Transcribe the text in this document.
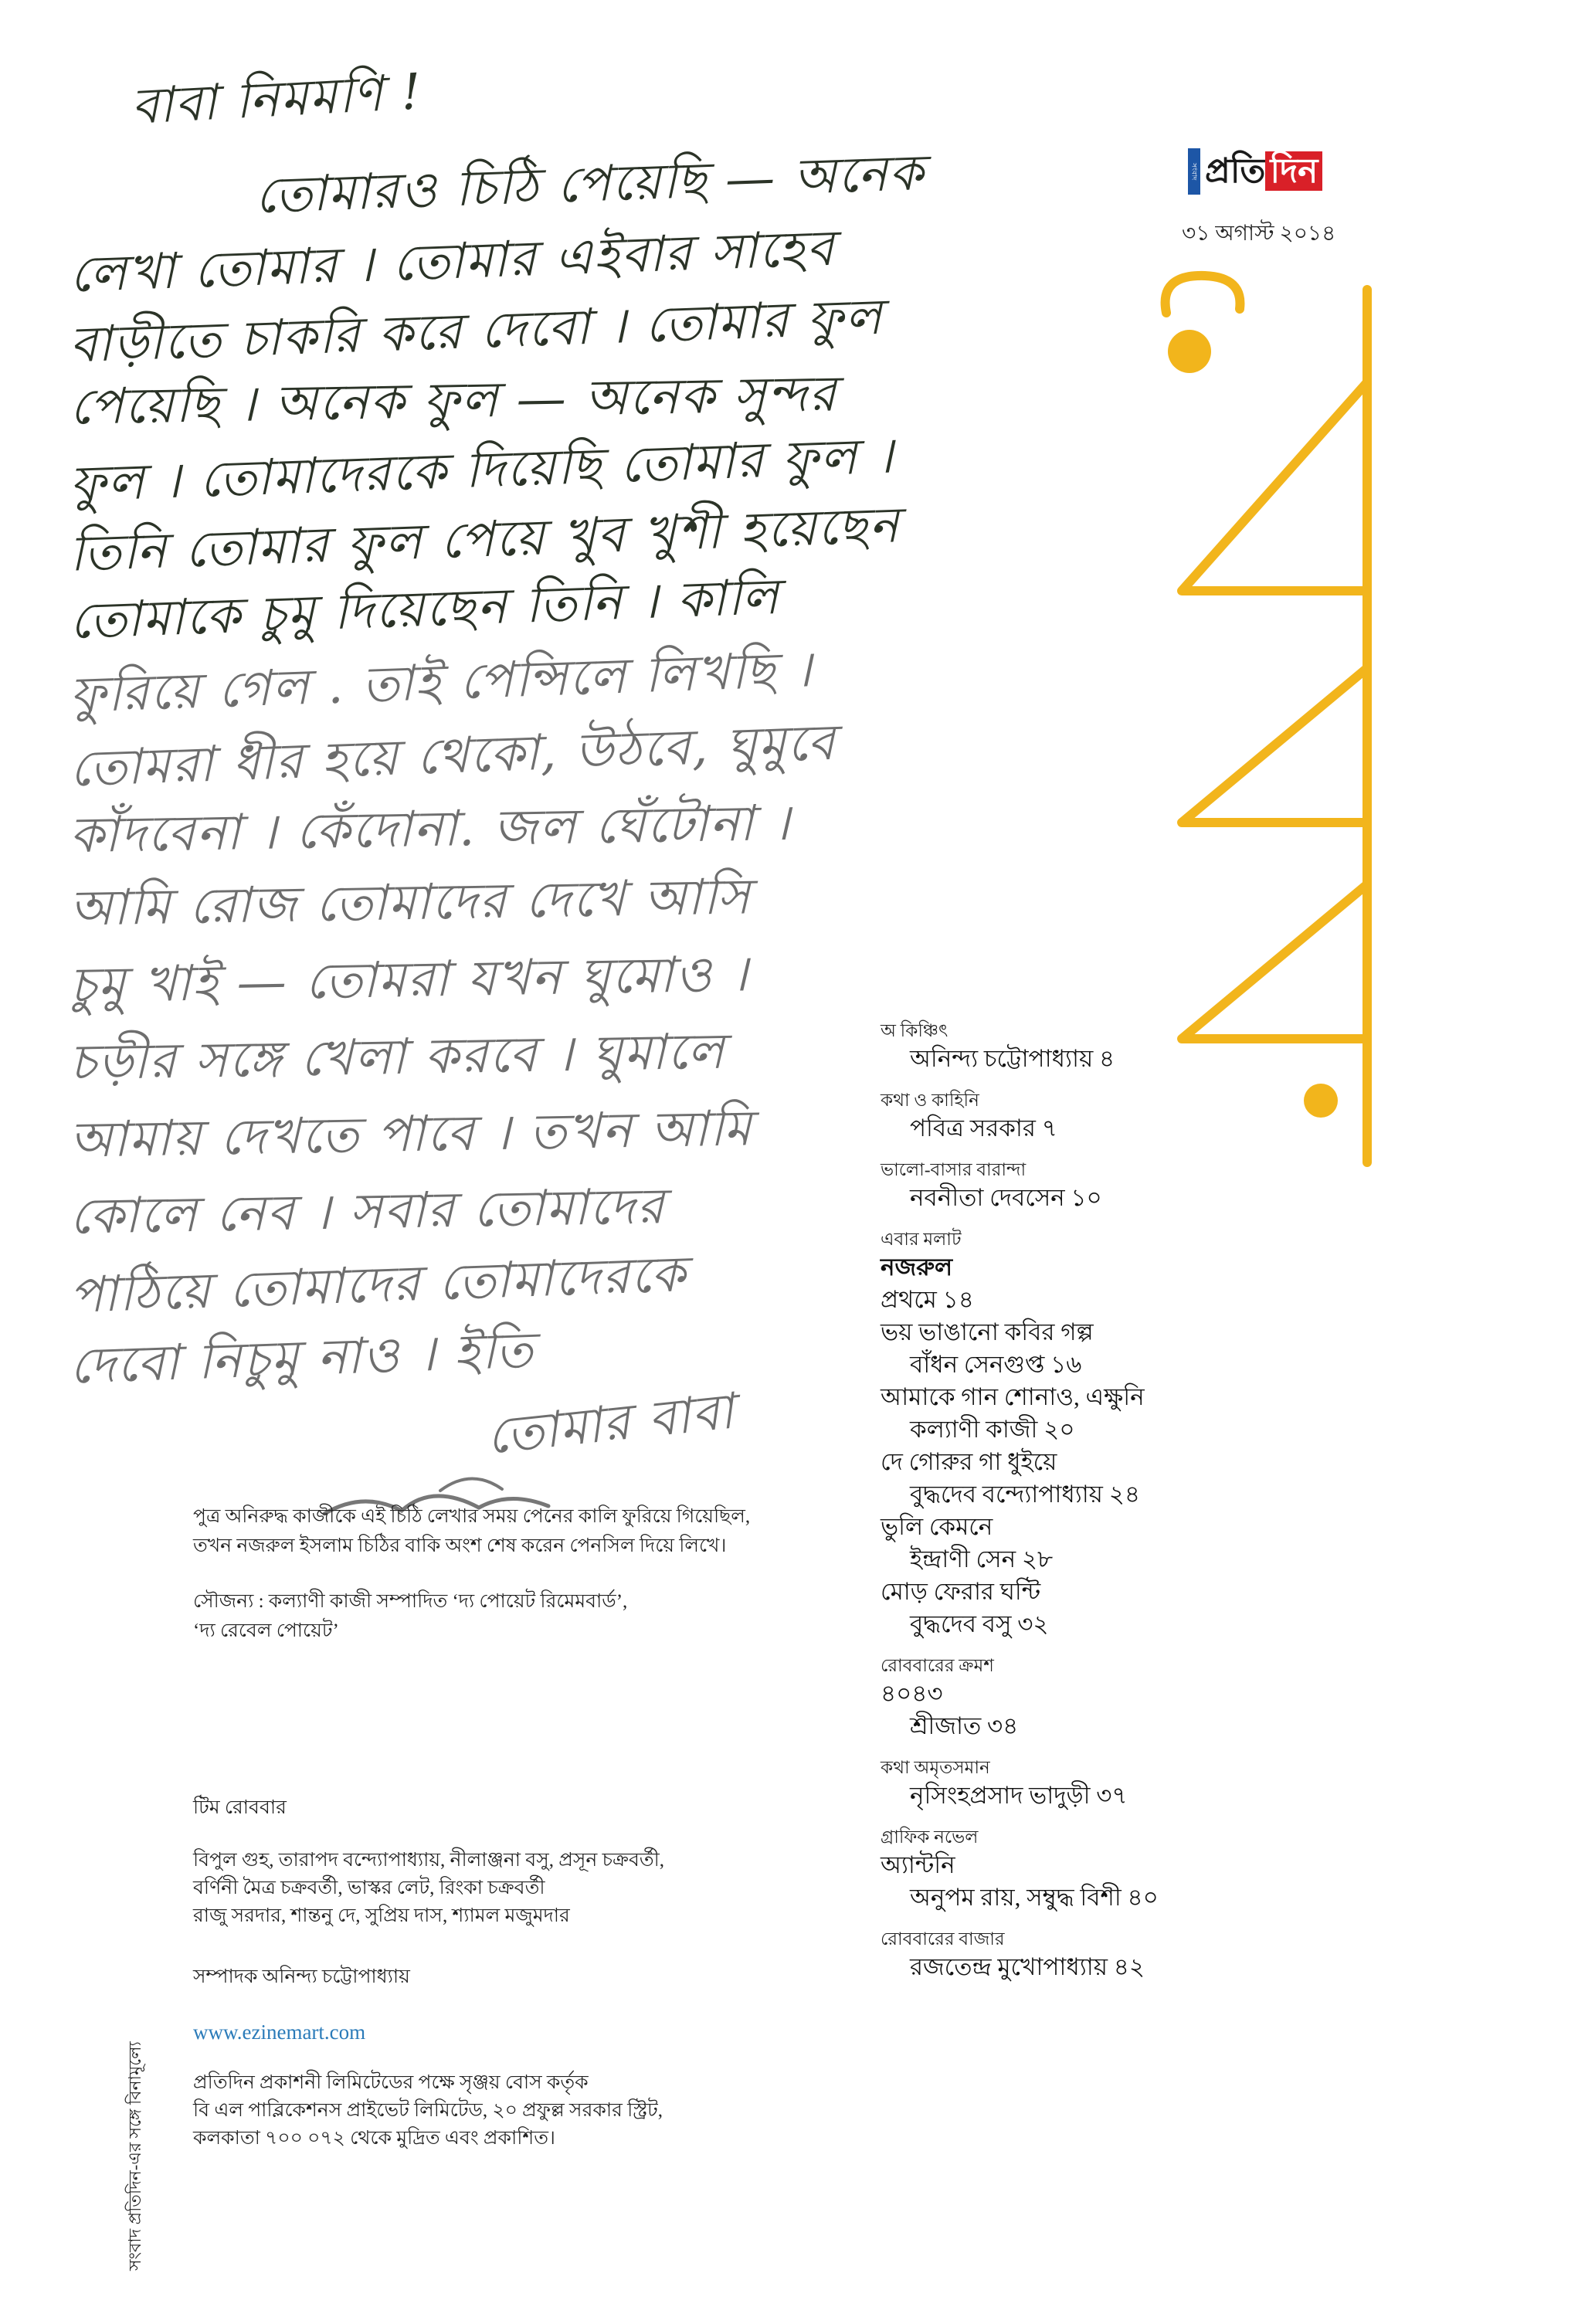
বাবা নিমমণি !
তোমারও চিঠি পেয়েছি — অনেক
লেখা তোমার । তোমার এইবার সাহেব
বাড়ীতে চাকরি করে দেবো । তোমার ফুল
পেয়েছি । অনেক ফুল — অনেক সুন্দর
ফুল । তোমাদেরকে দিয়েছি তোমার ফুল ।
তিনি তোমার ফুল পেয়ে খুব খুশী হয়েছেন
তোমাকে চুমু দিয়েছেন তিনি । কালি
ফুরিয়ে গেল . তাই পেন্সিলে লিখছি ।
তোমরা ধীর হয়ে থেকো, উঠবে, ঘুমুবে
কাঁদবেনা । কেঁদোনা. জল ঘেঁটোনা ।
আমি রোজ তোমাদের দেখে আসি
চুমু খাই — তোমরা যখন ঘুমোও ।
চড়ীর সঙ্গে খেলা করবে । ঘুমালে
আমায় দেখতে পাবে । তখন আমি
কোলে নেব । সবার তোমাদের
পাঠিয়ে তোমাদের তোমাদেরকে
দেবো নিচুমু নাও । ইতি
তোমার বাবা
পুত্র অনিরুদ্ধ কাজীকে এই চিঠি লেখার সময় পেনের কালি ফুরিয়ে গিয়েছিল,
তখন নজরুল ইসলাম চিঠির বাকি অংশ শেষ করেন পেনসিল দিয়ে লিখে।
সৌজন্য : কল্যাণী কাজী সম্পাদিত ‘দ্য পোয়েট রিমেমবার্ড’,
‘দ্য রেবেল পোয়েট’
টিম রোববার
বিপুল গুহ, তারাপদ বন্দ্যোপাধ্যায়, নীলাঞ্জনা বসু, প্রসূন চক্রবর্তী,
বর্ণিনী মৈত্র চক্রবর্তী, ভাস্কর লেট, রিংকা চক্রবর্তী
রাজু সরদার, শান্তনু দে, সুপ্রিয় দাস, শ্যামল মজুমদার
সম্পাদক অনিন্দ্য চট্টোপাধ্যায়
www.ezinemart.com
প্রতিদিন প্রকাশনী লিমিটেডের পক্ষে সৃঞ্জয় বোস কর্তৃক
বি এল পাব্লিকেশনস প্রাইভেট লিমিটেড, ২০ প্রফুল্ল সরকার স্ট্রিট,
কলকাতা ৭০০ ০৭২ থেকে মুদ্রিত এবং প্রকাশিত।
সংবাদ প্রতিদিন-এর সঙ্গে বিনামূল্যে
সংবাদ প্রতি দিন
৩১ অগাস্ট ২০১৪
অ কিঞ্চিৎ
অনিন্দ্য চট্টোপাধ্যায় ৪
কথা ও কাহিনি
পবিত্র সরকার ৭
ভালো-বাসার বারান্দা
নবনীতা দেবসেন ১০
এবার মলাট
নজরুল
প্রথমে ১৪
ভয় ভাঙানো কবির গল্প
বাঁধন সেনগুপ্ত ১৬
আমাকে গান শোনাও, এক্ষুনি
কল্যাণী কাজী ২০
দে গোরুর গা ধুইয়ে
বুদ্ধদেব বন্দ্যোপাধ্যায় ২৪
ভুলি কেমনে
ইন্দ্রাণী সেন ২৮
মোড় ফেরার ঘন্টি
বুদ্ধদেব বসু ৩২
রোববারের ক্রমশ
৪০৪৩
শ্রীজাত ৩৪
কথা অমৃতসমান
নৃসিংহপ্রসাদ ভাদুড়ী ৩৭
গ্রাফিক নভেল
অ্যান্টনি
অনুপম রায়, সম্বুদ্ধ বিশী ৪০
রোববারের বাজার
রজতেন্দ্র মুখোপাধ্যায় ৪২
